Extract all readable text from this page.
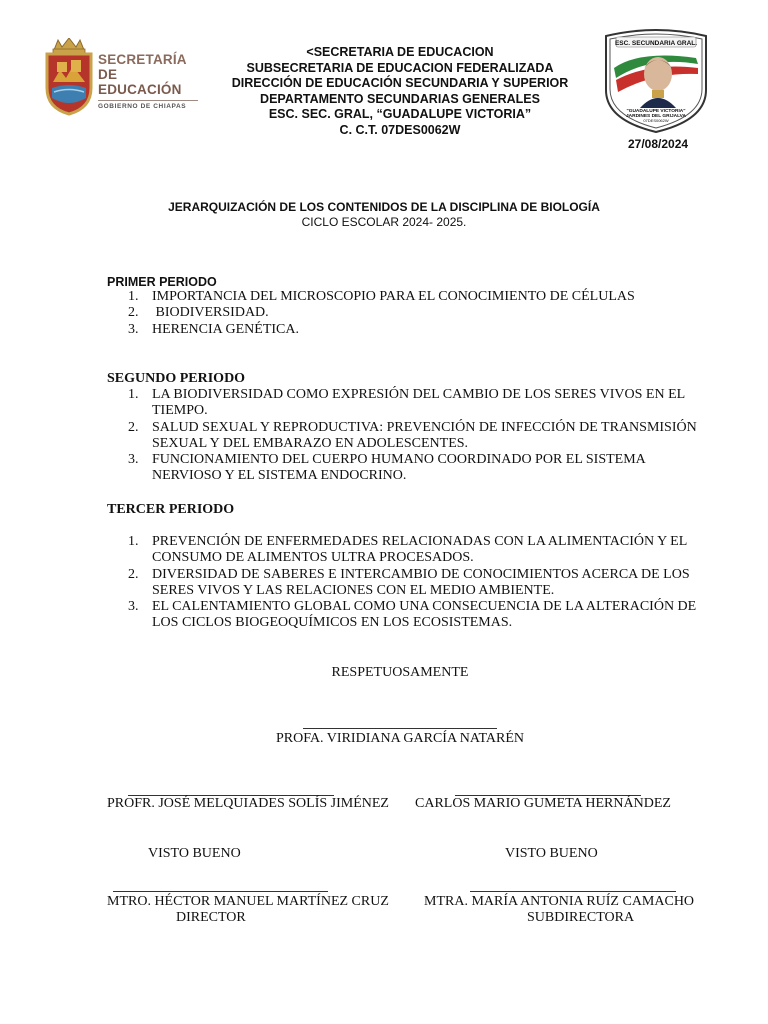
SECRETARÍA
DE EDUCACIÓN
GOBIERNO DE CHIAPAS
<SECRETARIA DE EDUCACION
SUBSECRETARIA DE EDUCACION FEDERALIZADA
DIRECCIÓN DE EDUCACIÓN SECUNDARIA Y SUPERIOR
DEPARTAMENTO SECUNDARIAS GENERALES
ESC. SEC. GRAL, “GUADALUPE VICTORIA”
C. C.T. 07DES0062W
ESC. SECUNDARIA GRAL.
"GUADALUPE VICTORIA"
JARDINES DEL GRIJALVA
07DES0062W
27/08/2024
JERARQUIZACIÓN DE LOS CONTENIDOS DE LA DISCIPLINA DE BIOLOGÍA
CICLO ESCOLAR 2024- 2025.
PRIMER PERIODO
1. IMPORTANCIA DEL MICROSCOPIO PARA EL CONOCIMIENTO DE CÉLULAS
2. BIODIVERSIDAD.
3. HERENCIA GENÉTICA.
SEGUNDO PERIODO
1. LA BIODIVERSIDAD COMO EXPRESIÓN DEL CAMBIO DE LOS SERES VIVOS EN EL TIEMPO.
2. SALUD SEXUAL Y REPRODUCTIVA: PREVENCIÓN DE INFECCIÓN DE TRANSMISIÓN SEXUAL Y DEL EMBARAZO EN ADOLESCENTES.
3. FUNCIONAMIENTO DEL CUERPO HUMANO COORDINADO POR EL SISTEMA NERVIOSO Y EL SISTEMA ENDOCRINO.
TERCER PERIODO
1. PREVENCIÓN DE ENFERMEDADES RELACIONADAS CON LA ALIMENTACIÓN Y EL CONSUMO DE ALIMENTOS ULTRA PROCESADOS.
2. DIVERSIDAD DE SABERES E INTERCAMBIO DE CONOCIMIENTOS ACERCA DE LOS SERES VIVOS Y LAS RELACIONES CON EL MEDIO AMBIENTE.
3. EL CALENTAMIENTO GLOBAL COMO UNA CONSECUENCIA DE LA ALTERACIÓN DE LOS CICLOS BIOGEOQUÍMICOS EN LOS ECOSISTEMAS.
RESPETUOSAMENTE
PROFA. VIRIDIANA GARCÍA NATARÉN
PROFR. JOSÉ MELQUIADES SOLÍS JIMÉNEZ CARLOS MARIO GUMETA HERNÁNDEZ
VISTO BUENO	VISTO BUENO
MTRO. HÉCTOR MANUEL MARTÍNEZ CRUZ
DIRECTOR
MTRA. MARÍA ANTONIA RUÍZ CAMACHO
SUBDIRECTORA
